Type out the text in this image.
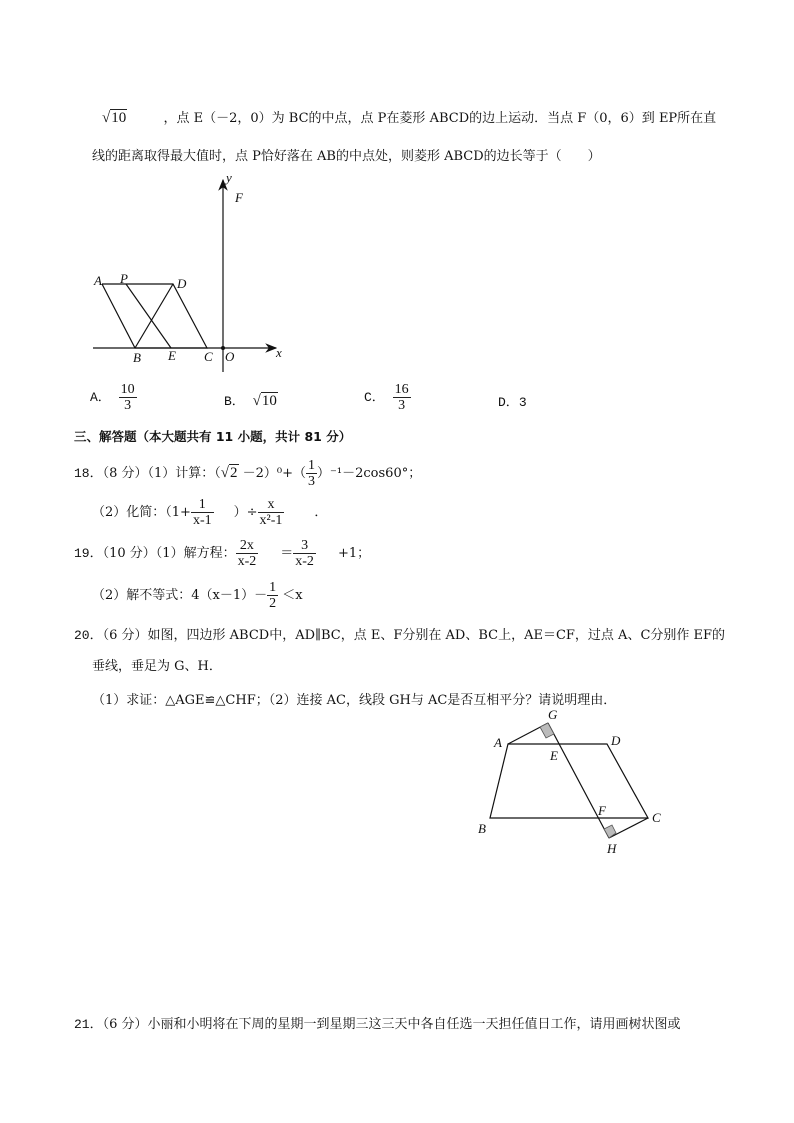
√10	，点 E（－2，0）为 BC的中点，点 P在菱形 ABCD的边上运动．当点 F（0，6）到 EP所在直
线的距离取得最大值时，点 P恰好落在 AB的中点处，则菱形 ABCD的边长等于（　　）
A P	D
B E C O
F
y
x
A． $\frac{10}{3}$	B． √10	C． $\frac{16}{3}$	D．3
三、解答题（本大题共有 11 小题，共计 81 分）
18．（8 分）（1）计算：$(√2 -2)^0+( \frac{1}{3} )^{-1}-2\cos 60^\circ$；
（2）化简：（$1+ \frac{1}{x-1}$ ）÷ $\frac{x}{\text{x²-1}}$ ．
19．（10 分）（1）解方程： $\frac{2x}{x-2} = \frac{3}{x-2} +1$；
（2）解不等式：$4(x-1)- \frac{1}{2} <x$
20．（6 分）如图，四边形 ABCD中，AD∥BC，点 E、F分别在 AD、BC上，AE＝CF，过点 A、C分别作 EF的
垂线，垂足为 G、H．
（1）求证：△AGE≌△CHF；（2）连接 AC，线段 GH与 AC是否互相平分？请说明理由．
A
G
D
E
F
B
C
H
21．（6 分）小丽和小明将在下周的星期一到星期三这三天中各自任选一天担任值日工作，请用画树状图或
